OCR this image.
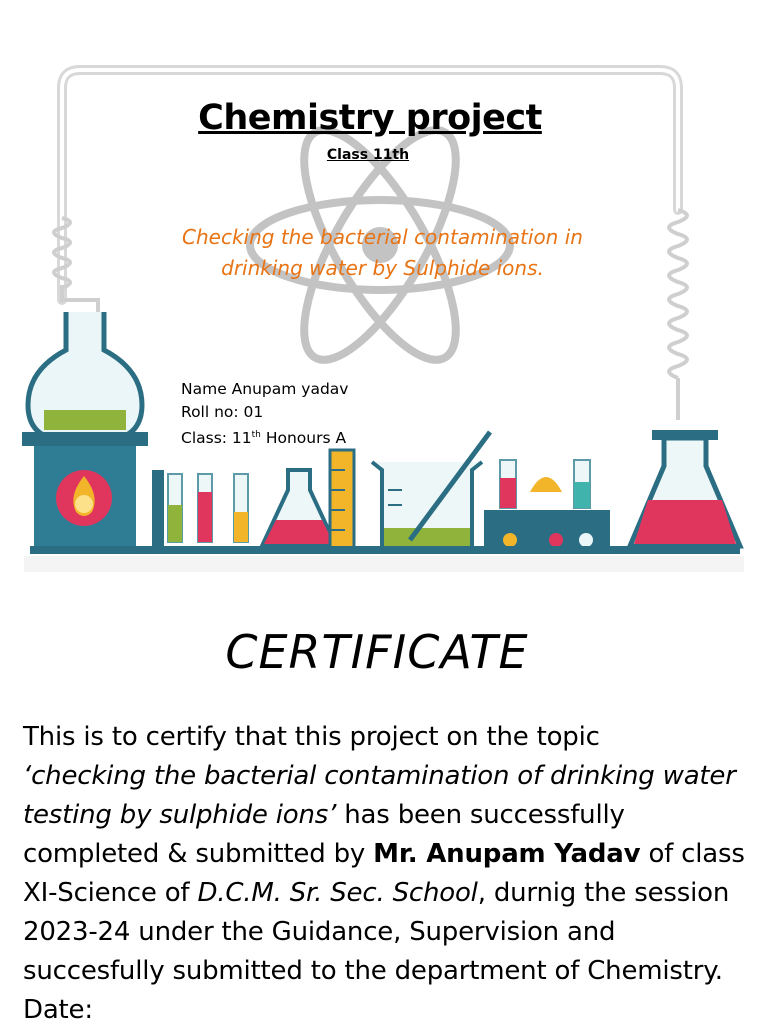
Chemistry project
Class 11th
Checking the bacterial contamination in
drinking water by Sulphide ions.
Name Anupam yadav
Roll no: 01
Class: 11th Honours A
CERTIFICATE
This is to certify that this project on the topic
‘checking the bacterial contamination of drinking water testing by sulphide ions’ has been successfully completed & submitted by Mr. Anupam Yadav of class XI-Science of D.C.M. Sr. Sec. School, durnig the session 2023-24 under the Guidance, Supervision and succesfully submitted to the department of Chemistry.
Date:
